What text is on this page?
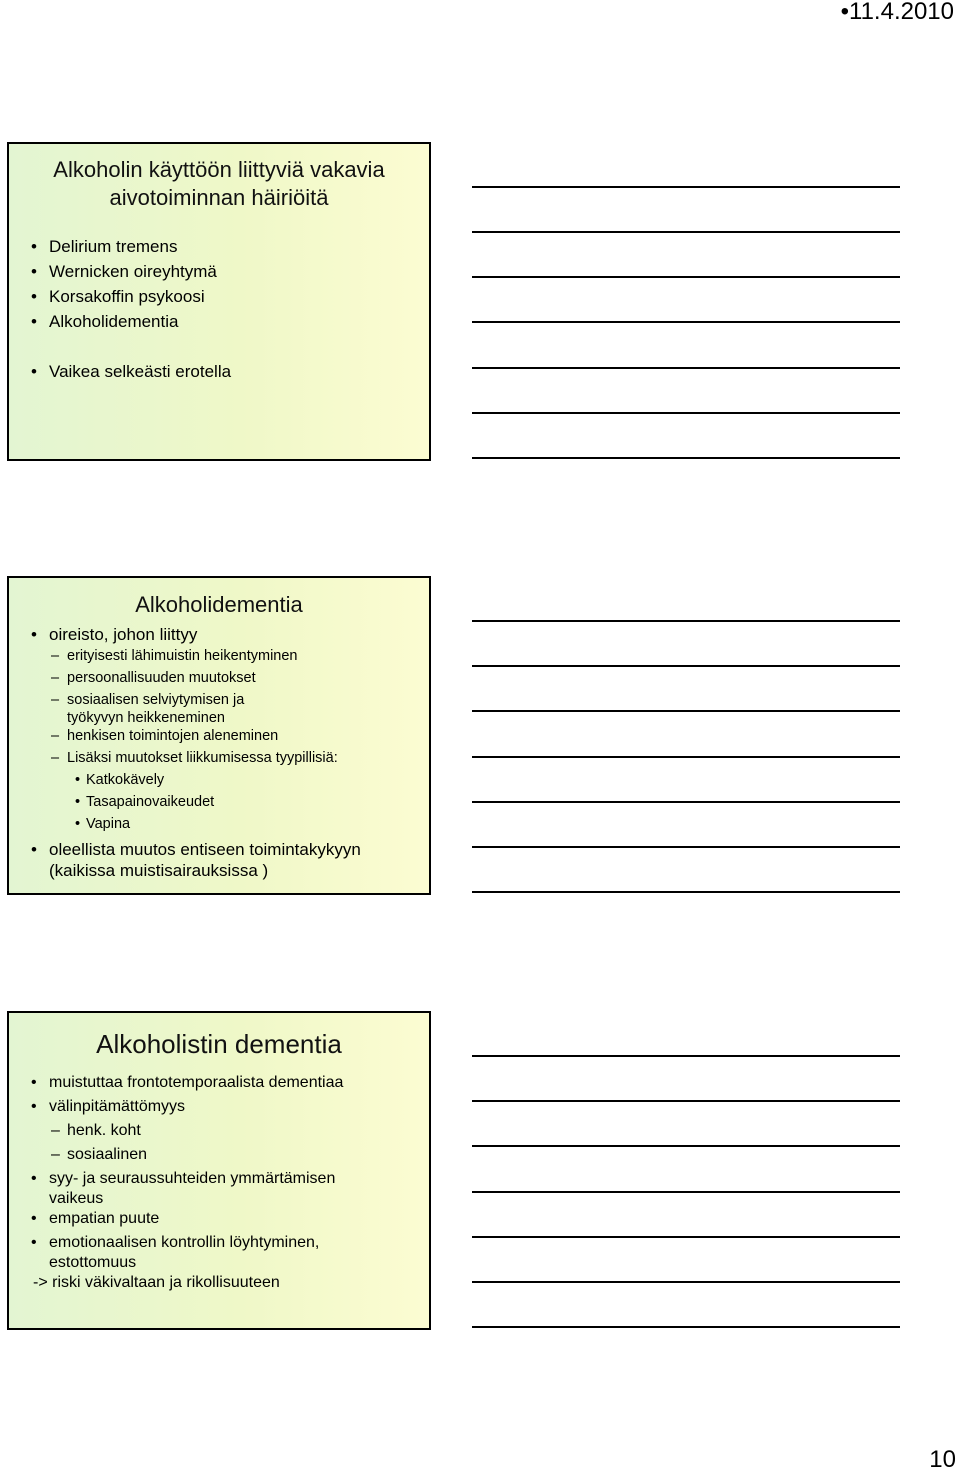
•11.4.2010
Alkoholin käyttöön liittyviä vakavia
aivotoiminnan häiriöitä
• Delirium tremens
• Wernicken oireyhtymä
• Korsakoffin psykoosi
• Alkoholidementia
• Vaikea selkeästi erotella
Alkoholidementia
• oireisto, johon liittyy
– erityisesti lähimuistin heikentyminen
– persoonallisuuden muutokset
– sosiaalisen selviytymisen ja työkyvyn heikkeneminen
– henkisen toimintojen aleneminen
– Lisäksi muutokset liikkumisessa tyypillisiä:
• Katkokävely
• Tasapainovaikeudet
• Vapina
• oleellista muutos entiseen toimintakykyyn (kaikissa muistisairauksissa )
Alkoholistin dementia
• muistuttaa frontotemporaalista dementiaa
• välinpitämättömyys
– henk. koht
– sosiaalinen
• syy- ja seuraussuhteiden ymmärtämisen vaikeus
• empatian puute
• emotionaalisen kontrollin löyhtyminen, estottomuus
-> riski väkivaltaan ja rikollisuuteen
10
